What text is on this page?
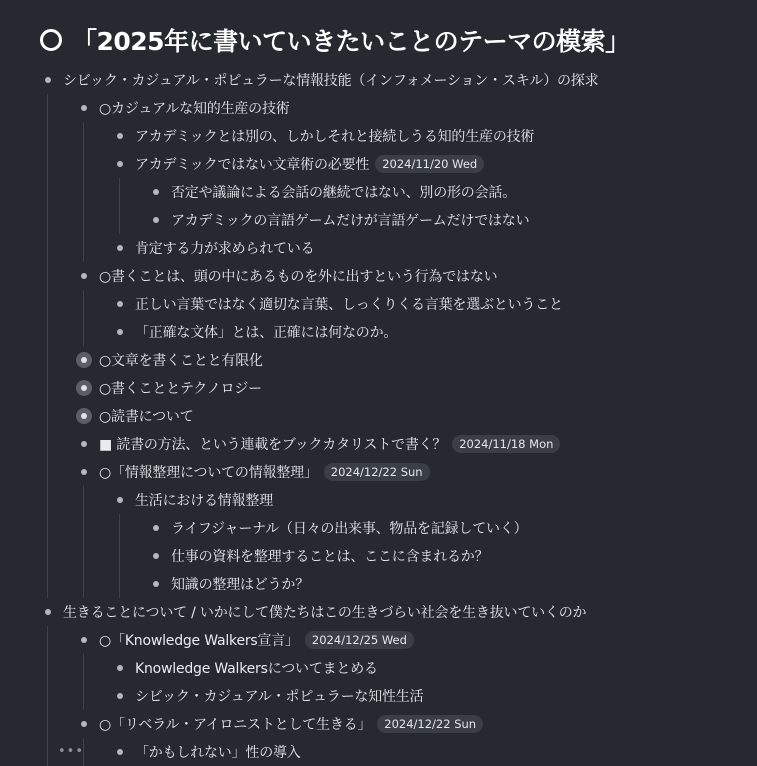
「2025年に書いていきたいことのテーマの模索」
シビック・カジュアル・ポピュラーな情報技能（インフォメーション・スキル）の探求
○カジュアルな知的生産の技術
アカデミックとは別の、しかしそれと接続しうる知的生産の技術
アカデミックではない文章術の必要性	2024/11/20 Wed
否定や議論による会話の継続ではない、別の形の会話。
アカデミックの言語ゲームだけが言語ゲームだけではない
肯定する力が求められている
○書くことは、頭の中にあるものを外に出すという行為ではない
正しい言葉ではなく適切な言葉、しっくりくる言葉を選ぶということ
「正確な文体」とは、正確には何なのか。
○文章を書くことと有限化
○書くこととテクノロジー
○読書について
■ 読書の方法、という連載をブックカタリストで書く？	2024/11/18 Mon
○「情報整理についての情報整理」	2024/12/22 Sun
生活における情報整理
ライフジャーナル（日々の出来事、物品を記録していく）
仕事の資料を整理することは、ここに含まれるか？
知識の整理はどうか？
生きることについて / いかにして僕たちはこの生きづらい社会を生き抜いていくのか
○「Knowledge Walkers宣言」	2024/12/25 Wed
Knowledge Walkersについてまとめる
シビック・カジュアル・ポピュラーな知性生活
○「リベラル・アイロニストとして生きる」	2024/12/22 Sun
「かもしれない」性の導入
•••
